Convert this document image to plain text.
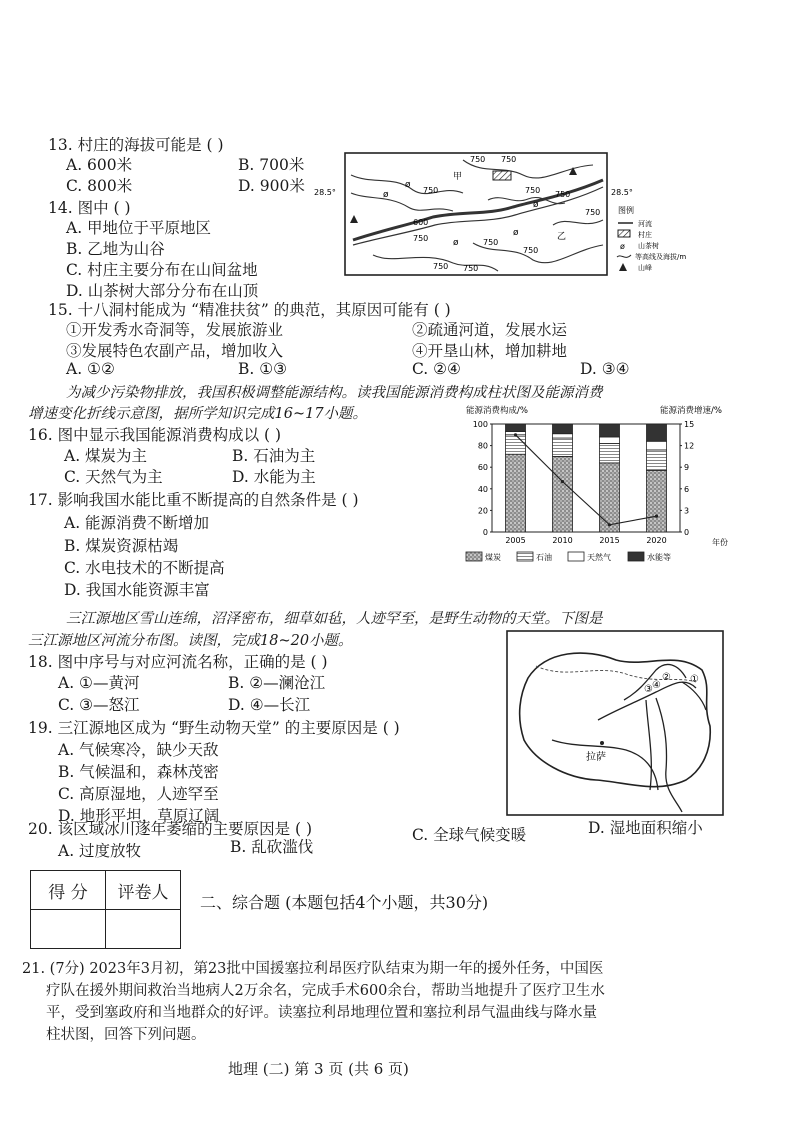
13. 村庄的海拔可能是 ( )
A. 600米	B. 700米
C. 800米	D. 900米
14. 图中 ( )
A. 甲地位于平原地区
B. 乙地为山谷
C. 村庄主要分布在山间盆地
D. 山茶树大部分分布在山顶
ø
ø
ø
ø
ø
750 750
750	750 750
750
750	750
750
750 750
600
甲
乙
28.5°	28.5°
图例
河流
村庄
ø 山茶树
等高线及海拔/m
山峰
15. 十八洞村能成为 “精准扶贫” 的典范，其原因可能有 ( )
①开发秀水奇洞等，发展旅游业	②疏通河道，发展水运
③发展特色农副产品，增加收入	④开垦山林，增加耕地
A. ①②	B. ①③	C. ②④	D. ③④
为减少污染物排放，我国积极调整能源结构。读我国能源消费构成柱状图及能源消费
增速变化折线示意图，据所学知识完成16~17小题。
16. 图中显示我国能源消费构成以 ( )
A. 煤炭为主	B. 石油为主
C. 天然气为主	D. 水能为主
17. 影响我国水能比重不断提高的自然条件是 ( )
A. 能源消费不断增加
B. 煤炭资源枯竭
C. 水电技术的不断提高
D. 我国水能资源丰富
能源消费构成/%	能源消费增速/%
年份
0
20
40
60
80
100
0
3
6
9
12
15
2005	2010	2015	2020
煤炭	石油	天然气	水能等
三江源地区雪山连绵，沼泽密布，细草如毡，人迹罕至，是野生动物的天堂。下图是
三江源地区河流分布图。读图，完成18~20小题。
18. 图中序号与对应河流名称，正确的是 ( )
A. ①—黄河	B. ②—澜沧江
C. ③—怒江	D. ④—长江
19. 三江源地区成为 “野生动物天堂” 的主要原因是 ( )
A. 气候寒冷，缺少天敌
B. 气候温和，森林茂密
C. 高原湿地，人迹罕至
D. 地形平坦，草原辽阔
拉萨
①
②
③ ④
20. 该区域冰川逐年萎缩的主要原因是 ( )
A. 过度放牧	B. 乱砍滥伐
C. 全球气候变暖	D. 湿地面积缩小
得 分	评卷人
	二、综合题 (本题包括4个小题，共30分)
21. (7分) 2023年3月初，第23批中国援塞拉利昂医疗队结束为期一年的援外任务，中国医
疗队在援外期间救治当地病人2万余名，完成手术600余台，帮助当地提升了医疗卫生水
平，受到塞政府和当地群众的好评。读塞拉利昂地理位置和塞拉利昂气温曲线与降水量
柱状图，回答下列问题。
地理 (二) 第 3 页 (共 6 页)
